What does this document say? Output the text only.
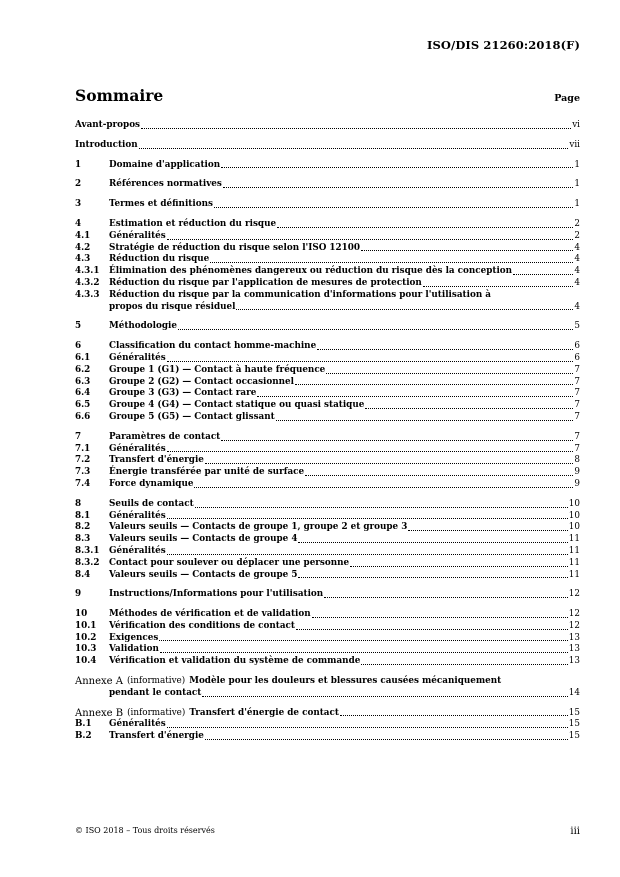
ISO/DIS 21260:2018(F)
Sommaire	Page
Avant-propos	vi
Introduction	vii
1	Domaine d'application	1
2	Références normatives	1
3	Termes et définitions	1
4	Estimation et réduction du risque	2
4.1	Généralités	2
4.2	Stratégie de réduction du risque selon l'ISO 12100	4
4.3	Réduction du risque	4
4.3.1	Élimination des phénomènes dangereux ou réduction du risque dès la conception	4
4.3.2	Réduction du risque par l'application de mesures de protection	4
4.3.3	Réduction du risque par la communication d'informations pour l'utilisation à
propos du risque résiduel	4
5	Méthodologie	5
6	Classification du contact homme-machine	6
6.1	Généralités	6
6.2	Groupe 1 (G1) — Contact à haute fréquence	7
6.3	Groupe 2 (G2) — Contact occasionnel	7
6.4	Groupe 3 (G3) — Contact rare	7
6.5	Groupe 4 (G4) — Contact statique ou quasi statique	7
6.6	Groupe 5 (G5) — Contact glissant	7
7	Paramètres de contact	7
7.1	Généralités	7
7.2	Transfert d'énergie	8
7.3	Énergie transférée par unité de surface	9
7.4	Force dynamique	9
8	Seuils de contact	10
8.1	Généralités	10
8.2	Valeurs seuils — Contacts de groupe 1, groupe 2 et groupe 3	10
8.3	Valeurs seuils — Contacts de groupe 4	11
8.3.1	Généralités	11
8.3.2	Contact pour soulever ou déplacer une personne	11
8.4	Valeurs seuils — Contacts de groupe 5	11
9	Instructions/Informations pour l'utilisation	12
10	Méthodes de vérification et de validation	12
10.1	Vérification des conditions de contact	12
10.2	Exigences	13
10.3	Validation	13
10.4	Vérification et validation du système de commande	13
Annexe A (informative) Modèle pour les douleurs et blessures causées mécaniquement
pendant le contact	14
Annexe B (informative) Transfert d'énergie de contact	15
B.1	Généralités	15
B.2	Transfert d'énergie	15
© ISO 2018 – Tous droits réservés	iii
